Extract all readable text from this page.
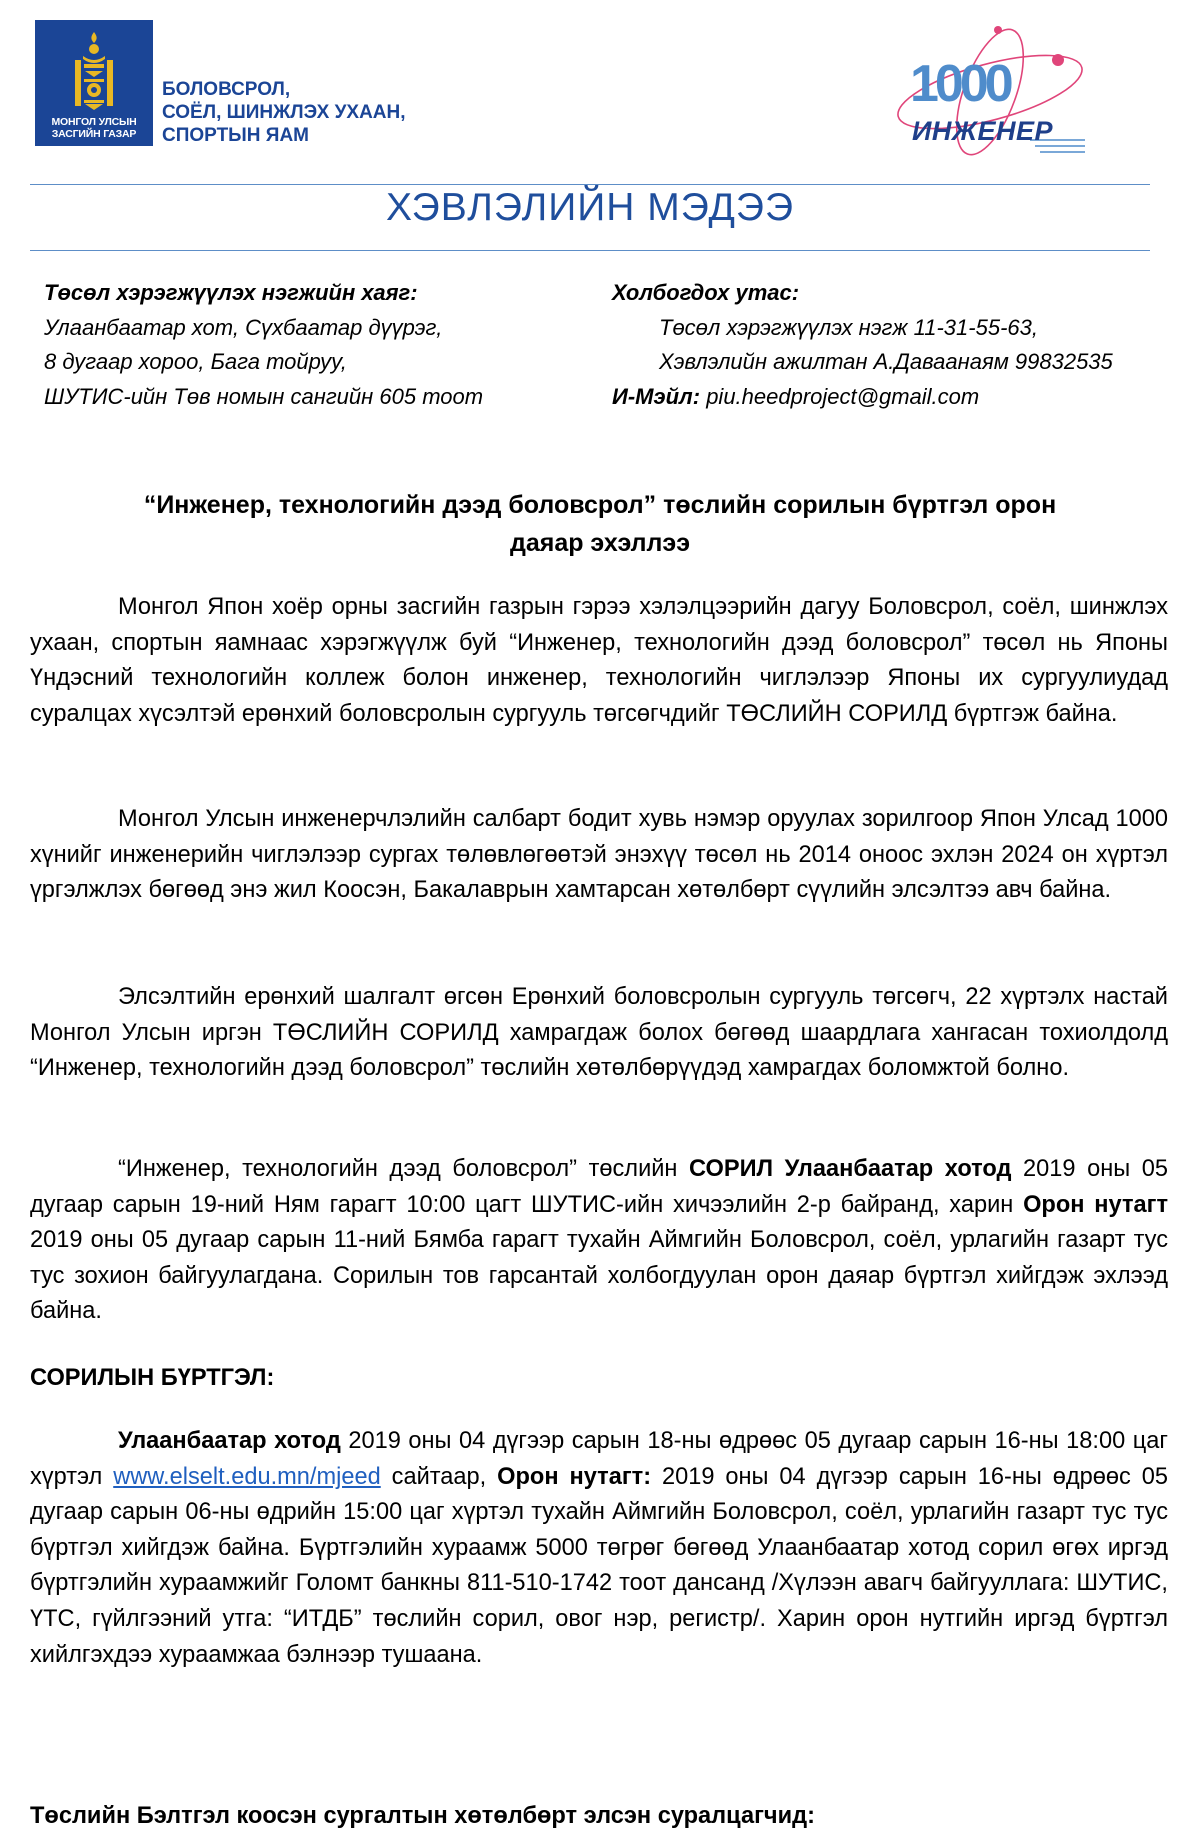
МОНГОЛ УЛСЫН
ЗАСГИЙН ГАЗАР
БОЛОВСРОЛ,
СОЁЛ, ШИНЖЛЭХ УХААН,
СПОРТЫН ЯАМ
1000
ИНЖЕНЕР
ХЭВЛЭЛИЙН МЭДЭЭ
Төсөл хэрэгжүүлэх нэгжийн хаяг:
Улаанбаатар хот, Сүхбаатар дүүрэг,
8 дугаар хороо, Бага тойруу,
ШУТИС-ийн Төв номын сангийн 605 тоот
Холбогдох утас:
Төсөл хэрэгжүүлэх нэгж 11-31-55-63,
Хэвлэлийн ажилтан А.Даваанаям 99832535
И-Мэйл: piu.heedproject@gmail.com
“Инженер, технологийн дээд боловсрол” төслийн сорилын бүртгэл орон
даяар эхэллээ

Монгол Япон хоёр орны засгийн газрын гэрээ хэлэлцээрийн дагуу Боловсрол, соёл, шинжлэх ухаан, спортын яамнаас хэрэгжүүлж буй “Инженер, технологийн дээд боловсрол” төсөл нь Японы Үндэсний технологийн коллеж болон инженер, технологийн чиглэлээр Японы их сургуулиудад суралцах хүсэлтэй ерөнхий боловсролын сургууль төгсөгчдийг ТӨСЛИЙН СОРИЛД бүртгэж байна.

Монгол Улсын инженерчлэлийн салбарт бодит хувь нэмэр оруулах зорилгоор Япон Улсад 1000 хүнийг инженерийн чиглэлээр сургах төлөвлөгөөтэй энэхүү төсөл нь 2014 оноос эхлэн 2024 он хүртэл үргэлжлэх бөгөөд энэ жил Коосэн, Бакалаврын хамтарсан хөтөлбөрт сүүлийн элсэлтээ авч байна.

Элсэлтийн ерөнхий шалгалт өгсөн Ерөнхий боловсролын сургууль төгсөгч, 22 хүртэлх настай Монгол Улсын иргэн ТӨСЛИЙН СОРИЛД хамрагдаж болох бөгөөд шаардлага хангасан тохиолдолд “Инженер, технологийн дээд боловсрол” төслийн хөтөлбөрүүдэд хамрагдах боломжтой болно.

“Инженер, технологийн дээд боловсрол” төслийн СОРИЛ Улаанбаатар хотод 2019 оны 05 дугаар сарын 19-ний Ням гарагт 10:00 цагт ШУТИС-ийн хичээлийн 2-р байранд, харин Орон нутагт 2019 оны 05 дугаар сарын 11-ний Бямба гарагт тухайн Аймгийн Боловсрол, соёл, урлагийн газарт тус тус зохион байгуулагдана. Сорилын тов гарсантай холбогдуулан орон даяар бүртгэл хийгдэж эхлээд байна.

СОРИЛЫН БҮРТГЭЛ:

Улаанбаатар хотод 2019 оны 04 дүгээр сарын 18-ны өдрөөс 05 дугаар сарын 16-ны 18:00 цаг хүртэл www.elselt.edu.mn/mjeed сайтаар, Орон нутагт: 2019 оны 04 дүгээр сарын 16-ны өдрөөс 05 дугаар сарын 06-ны өдрийн 15:00 цаг хүртэл тухайн Аймгийн Боловсрол, соёл, урлагийн газарт тус тус бүртгэл хийгдэж байна. Бүртгэлийн хураамж 5000 төгрөг бөгөөд Улаанбаатар хотод сорил өгөх иргэд бүртгэлийн хураамжийг Голомт банкны 811-510-1742 тоот дансанд /Хүлээн авагч байгууллага: ШУТИС, ҮТС, гүйлгээний утга: “ИТДБ” төслийн сорил, овог нэр, регистр/. Харин орон нутгийн иргэд бүртгэл хийлгэхдээ хураамжаа бэлнээр тушаана.

Төслийн Бэлтгэл коосэн сургалтын хөтөлбөрт элсэн суралцагчид:
